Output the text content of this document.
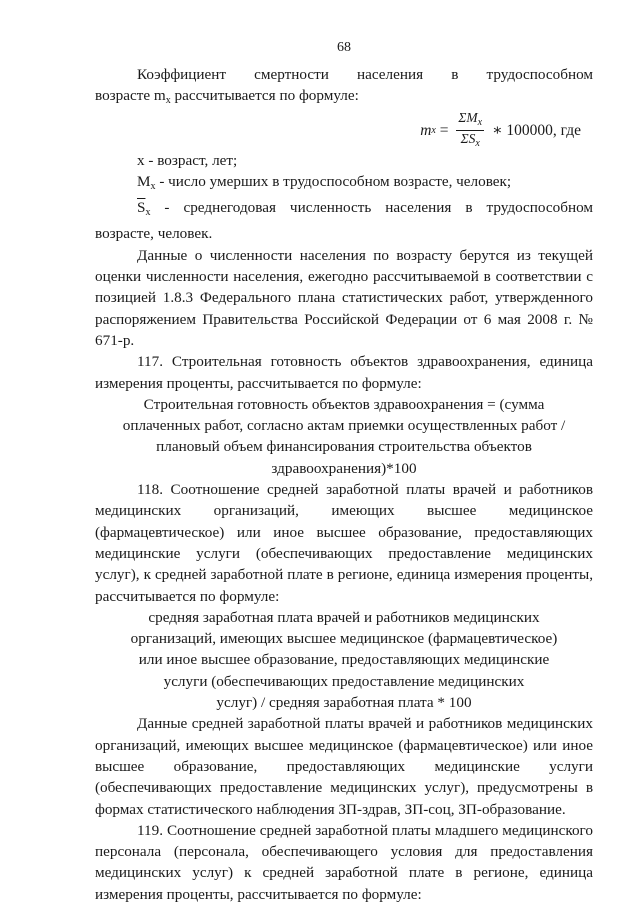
68

Коэффициент смертности населения в трудоспособном

возрасте $m_x$ рассчитывается по формуле:

m $x = \frac{\Sigma M_x}{\Sigma S_x}$ ∗ 100000, где

x - возраст, лет;

$M_x$ - число умерших в трудоспособном возрасте, человек;

$\overline{S}_x$ - среднегодовая численность населения в трудоспособном возрасте, человек.

Данные о численности населения по возрасту берутся из текущей оценки численности населения, ежегодно рассчитываемой в соответствии с позицией 1.8.3 Федерального плана статистических работ, утвержденного распоряжением Правительства Российской Федерации от 6 мая 2008 г. № 671-р.

117. Строительная готовность объектов здравоохранения, единица измерения проценты, рассчитывается по формуле:

Строительная готовность объектов здравоохранения = (сумма
оплаченных работ, согласно актам приемки осуществленных работ /
плановый объем финансирования строительства объектов
здравоохранения)*100

118. Соотношение средней заработной платы врачей и работников медицинских организаций, имеющих высшее медицинское (фармацевтическое) или иное высшее образование, предоставляющих медицинские услуги (обеспечивающих предоставление медицинских услуг), к средней заработной плате в регионе, единица измерения проценты, рассчитывается по формуле:

средняя заработная плата врачей и работников медицинских
организаций, имеющих высшее медицинское (фармацевтическое)
или иное высшее образование, предоставляющих медицинские
услуги (обеспечивающих предоставление медицинских
услуг) / средняя заработная плата * 100

Данные средней заработной платы врачей и работников медицинских организаций, имеющих высшее медицинское (фармацевтическое) или иное высшее образование, предоставляющих медицинские услуги (обеспечивающих предоставление медицинских услуг), предусмотрены в формах статистического наблюдения ЗП-здрав, ЗП-соц, ЗП-образование.

119. Соотношение средней заработной платы младшего медицинского персонала (персонала, обеспечивающего условия для предоставления медицинских услуг) к средней заработной плате в регионе, единица измерения проценты, рассчитывается по формуле:
